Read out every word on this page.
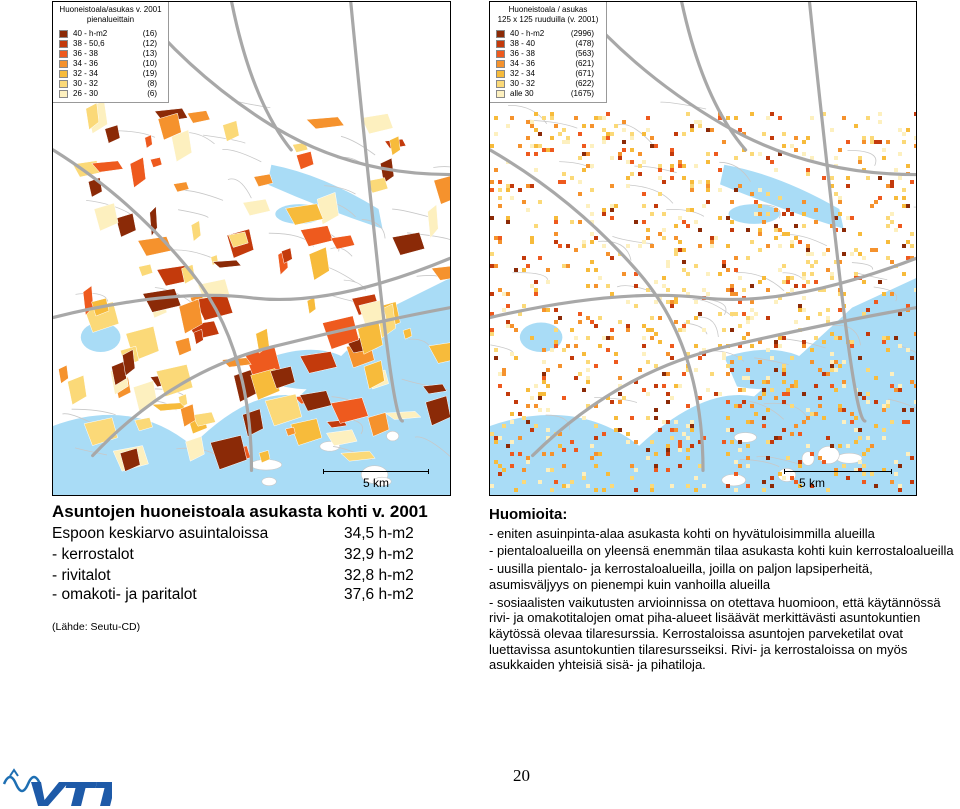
Huoneistoala/asukas v. 2001
pienalueittain
40 - h-m2	(16)
38 - 50,6	(12)
36 - 38	(13)
34 - 36	(10)
32 - 34	(19)
30 - 32	(8)
26 - 30	(6)
5 km
Huoneistoala / asukas
125 x 125 ruuduilla (v. 2001)
40 - h-m2	(2996)
38 - 40	(478)
36 - 38	(563)
34 - 36	(621)
32 - 34	(671)
30 - 32	(622)
alle 30	(1675)
5 km
Asuntojen huoneistoala asukasta kohti v. 2001
Espoon keskiarvo asuintaloissa	34,5 h-m2
- kerrostalot	32,9 h-m2
- rivitalot	32,8 h-m2
- omakoti- ja paritalot	37,6 h-m2
(Lähde: Seutu-CD)
Huomioita:
- eniten asuinpinta-alaa asukasta kohti on hyvätuloisimmilla alueilla
- pientaloalueilla on yleensä enemmän tilaa asukasta kohti kuin kerrostaloalueilla
- uusilla pientalo- ja kerrostaloalueilla, joilla on paljon lapsiperheitä, asumisväljyys on pienempi kuin vanhoilla alueilla
- sosiaalisten vaikutusten arvioinnissa on otettava huomioon, että käytännössä rivi- ja omakotitalojen omat piha-alueet lisäävät merkittävästi asuntokuntien käytössä olevaa tilaresurssia. Kerrostaloissa asuntojen parveketilat ovat luettavissa asuntokuntien tilaresursseiksi. Rivi- ja kerrostaloissa on myös asukkaiden yhteisiä sisä- ja pihatiloja.
20
